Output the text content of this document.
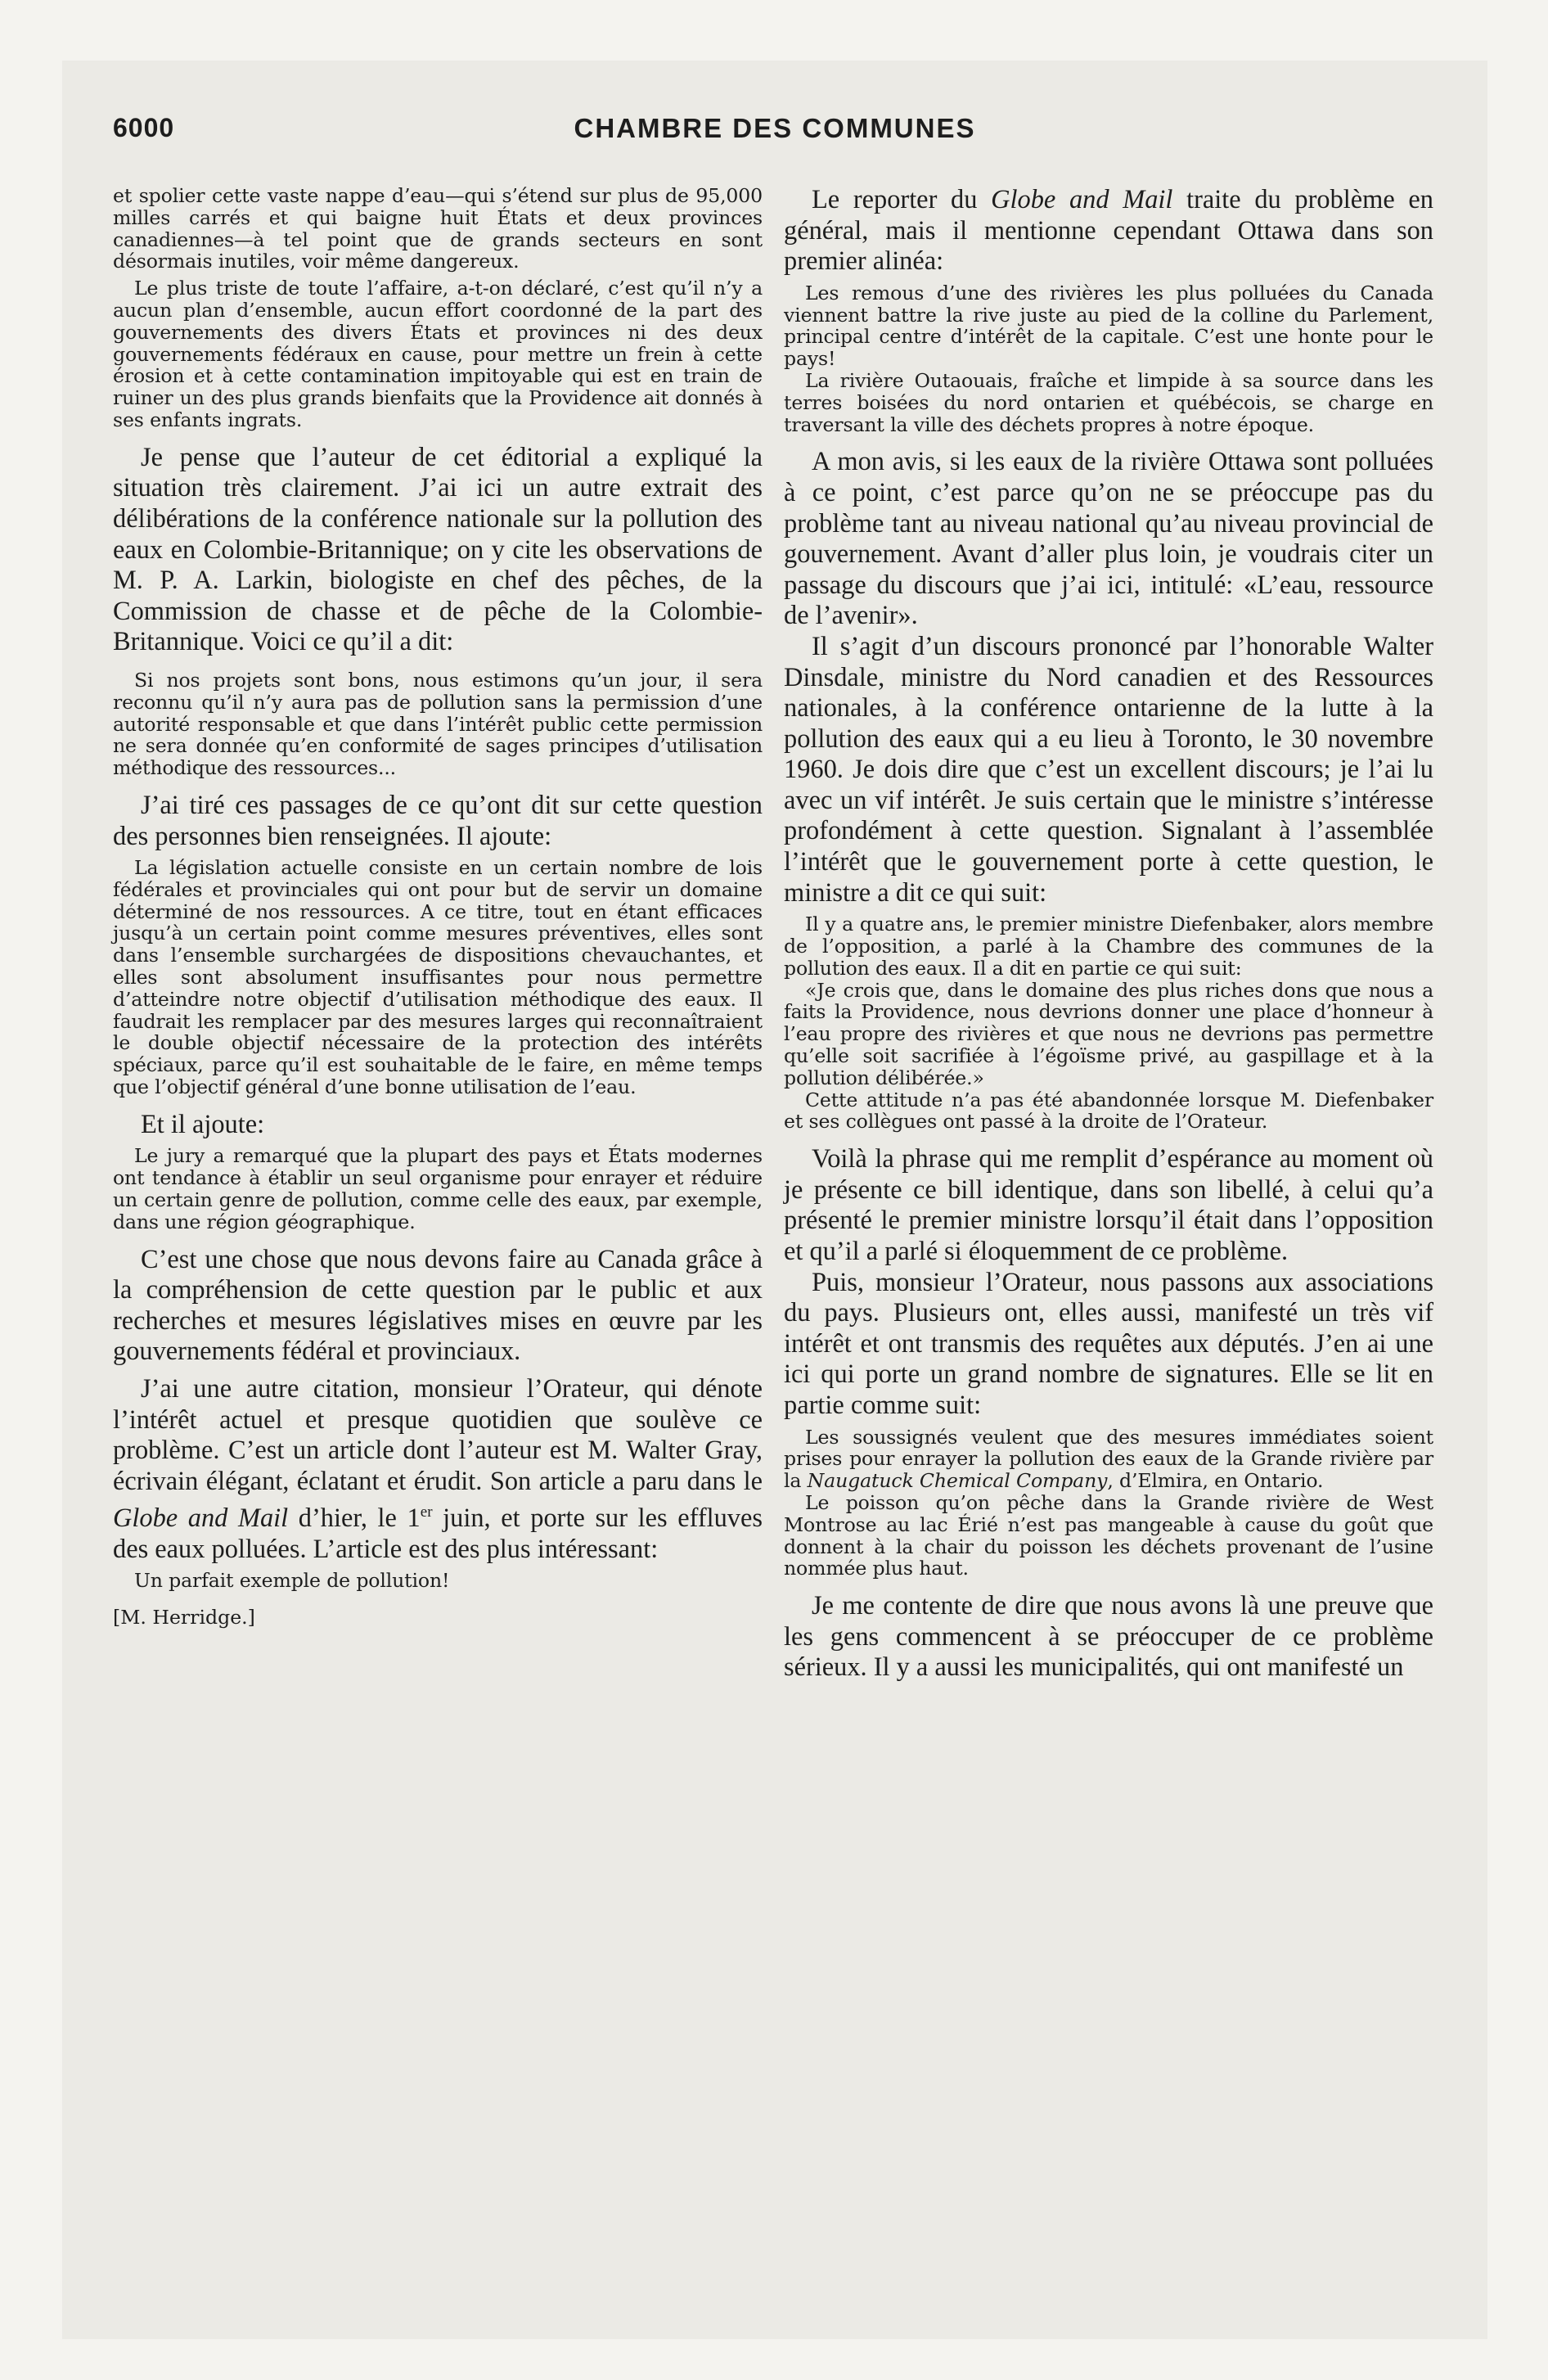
6000	CHAMBRE DES COMMUNES

et spolier cette vaste nappe d’eau—qui s’étend sur plus de 95,000 milles carrés et qui baigne huit États et deux provinces canadiennes—à tel point que de grands secteurs en sont désormais inutiles, voir même dangereux.

Le plus triste de toute l’affaire, a-t-on déclaré, c’est qu’il n’y a aucun plan d’ensemble, aucun effort coordonné de la part des gouvernements des divers États et provinces ni des deux gouvernements fédéraux en cause, pour mettre un frein à cette érosion et à cette contamination impitoyable qui est en train de ruiner un des plus grands bienfaits que la Providence ait donnés à ses enfants ingrats.

Je pense que l’auteur de cet éditorial a expliqué la situation très clairement. J’ai ici un autre extrait des délibérations de la conférence nationale sur la pollution des eaux en Colombie-Britannique; on y cite les observations de M. P. A. Larkin, biologiste en chef des pêches, de la Commission de chasse et de pêche de la Colombie-Britannique. Voici ce qu’il a dit:

Si nos projets sont bons, nous estimons qu’un jour, il sera reconnu qu’il n’y aura pas de pollution sans la permission d’une autorité responsable et que dans l’intérêt public cette permission ne sera donnée qu’en conformité de sages principes d’utilisation méthodique des ressources...

J’ai tiré ces passages de ce qu’ont dit sur cette question des personnes bien renseignées. Il ajoute:

La législation actuelle consiste en un certain nombre de lois fédérales et provinciales qui ont pour but de servir un domaine déterminé de nos ressources. A ce titre, tout en étant efficaces jusqu’à un certain point comme mesures préventives, elles sont dans l’ensemble surchargées de dispositions chevauchantes, et elles sont absolument insuffisantes pour nous permettre d’atteindre notre objectif d’utilisation méthodique des eaux. Il faudrait les remplacer par des mesures larges qui reconnaîtraient le double objectif nécessaire de la protection des intérêts spéciaux, parce qu’il est souhaitable de le faire, en même temps que l’objectif général d’une bonne utilisation de l’eau.

Et il ajoute:

Le jury a remarqué que la plupart des pays et États modernes ont tendance à établir un seul organisme pour enrayer et réduire un certain genre de pollution, comme celle des eaux, par exemple, dans une région géographique.

C’est une chose que nous devons faire au Canada grâce à la compréhension de cette question par le public et aux recherches et mesures législatives mises en œuvre par les gouvernements fédéral et provinciaux.

J’ai une autre citation, monsieur l’Orateur, qui dénote l’intérêt actuel et presque quotidien que soulève ce problème. C’est un article dont l’auteur est M. Walter Gray, écrivain élégant, éclatant et érudit. Son article a paru dans le Globe and Mail d’hier, le 1er juin, et porte sur les effluves des eaux polluées. L’article est des plus intéressant:

Un parfait exemple de pollution!

[M. Herridge.]

Le reporter du Globe and Mail traite du problème en général, mais il mentionne cependant Ottawa dans son premier alinéa:

Les remous d’une des rivières les plus polluées du Canada viennent battre la rive juste au pied de la colline du Parlement, principal centre d’intérêt de la capitale. C’est une honte pour le pays!

La rivière Outaouais, fraîche et limpide à sa source dans les terres boisées du nord ontarien et québécois, se charge en traversant la ville des déchets propres à notre époque.

A mon avis, si les eaux de la rivière Ottawa sont polluées à ce point, c’est parce qu’on ne se préoccupe pas du problème tant au niveau national qu’au niveau provincial de gouvernement. Avant d’aller plus loin, je voudrais citer un passage du discours que j’ai ici, intitulé: «L’eau, ressource de l’avenir».

Il s’agit d’un discours prononcé par l’honorable Walter Dinsdale, ministre du Nord canadien et des Ressources nationales, à la conférence ontarienne de la lutte à la pollution des eaux qui a eu lieu à Toronto, le 30 novembre 1960. Je dois dire que c’est un excellent discours; je l’ai lu avec un vif intérêt. Je suis certain que le ministre s’intéresse profondément à cette question. Signalant à l’assemblée l’intérêt que le gouvernement porte à cette question, le ministre a dit ce qui suit:

Il y a quatre ans, le premier ministre Diefenbaker, alors membre de l’opposition, a parlé à la Chambre des communes de la pollution des eaux. Il a dit en partie ce qui suit:

«Je crois que, dans le domaine des plus riches dons que nous a faits la Providence, nous devrions donner une place d’honneur à l’eau propre des rivières et que nous ne devrions pas permettre qu’elle soit sacrifiée à l’égoïsme privé, au gaspillage et à la pollution délibérée.»

Cette attitude n’a pas été abandonnée lorsque M. Diefenbaker et ses collègues ont passé à la droite de l’Orateur.

Voilà la phrase qui me remplit d’espérance au moment où je présente ce bill identique, dans son libellé, à celui qu’a présenté le premier ministre lorsqu’il était dans l’opposition et qu’il a parlé si éloquemment de ce problème.

Puis, monsieur l’Orateur, nous passons aux associations du pays. Plusieurs ont, elles aussi, manifesté un très vif intérêt et ont transmis des requêtes aux députés. J’en ai une ici qui porte un grand nombre de signatures. Elle se lit en partie comme suit:

Les soussignés veulent que des mesures immédiates soient prises pour enrayer la pollution des eaux de la Grande rivière par la Naugatuck Chemical Company, d’Elmira, en Ontario.

Le poisson qu’on pêche dans la Grande rivière de West Montrose au lac Érié n’est pas mangeable à cause du goût que donnent à la chair du poisson les déchets provenant de l’usine nommée plus haut.

Je me contente de dire que nous avons là une preuve que les gens commencent à se préoccuper de ce problème sérieux. Il y a aussi les municipalités, qui ont manifesté un
